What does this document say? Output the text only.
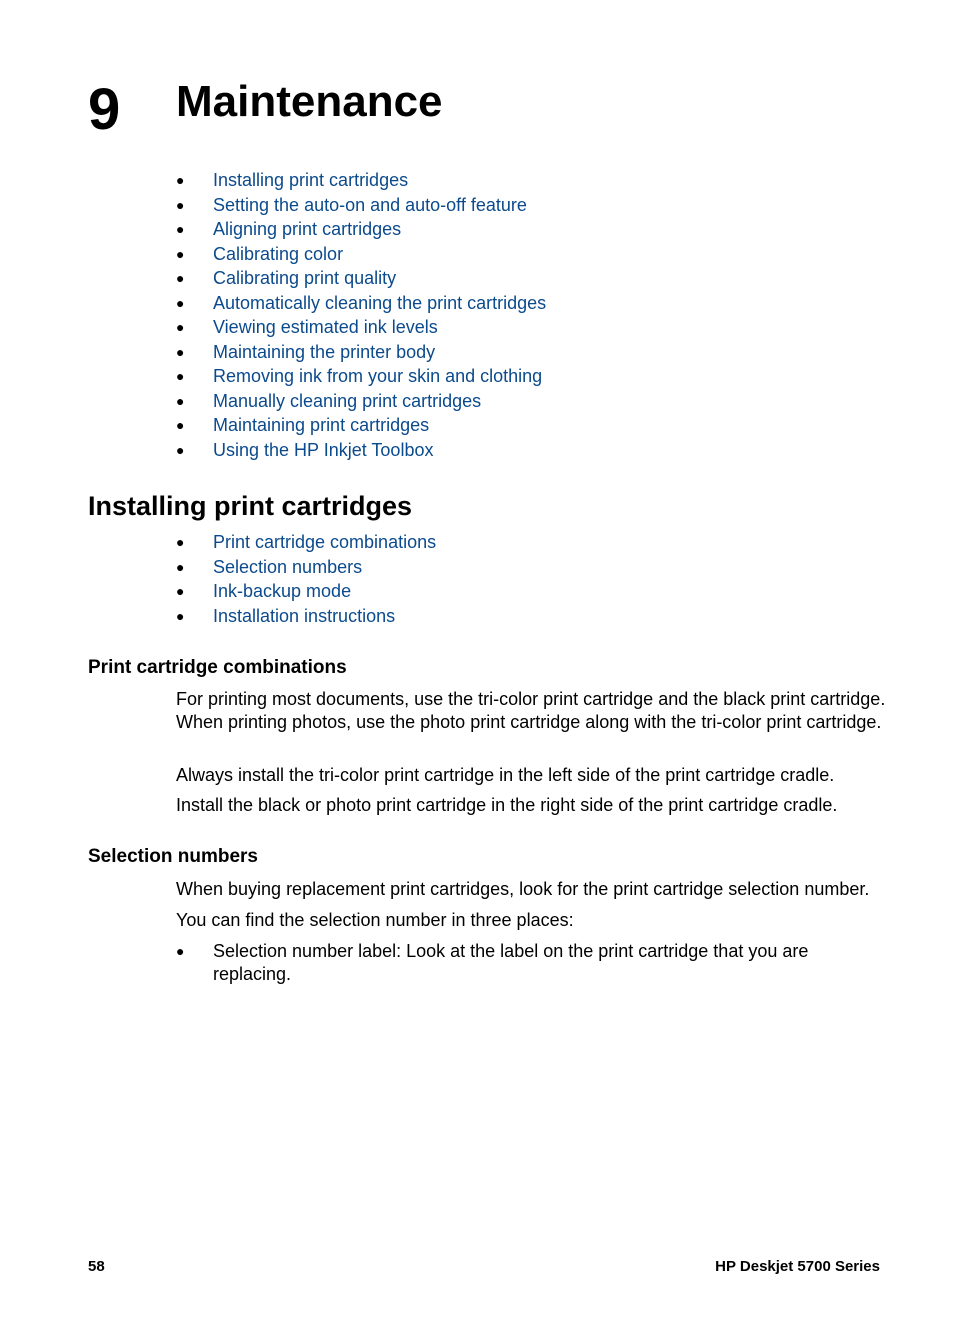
9 Maintenance
● Installing print cartridges
● Setting the auto-on and auto-off feature
● Aligning print cartridges
● Calibrating color
● Calibrating print quality
● Automatically cleaning the print cartridges
● Viewing estimated ink levels
● Maintaining the printer body
● Removing ink from your skin and clothing
● Manually cleaning print cartridges
● Maintaining print cartridges
● Using the HP Inkjet Toolbox
Installing print cartridges
● Print cartridge combinations
● Selection numbers
● Ink-backup mode
● Installation instructions
Print cartridge combinations

For printing most documents, use the tri-color print cartridge and the black print cartridge. When printing photos, use the photo print cartridge along with the tri-color print cartridge.

Always install the tri-color print cartridge in the left side of the print cartridge cradle.

Install the black or photo print cartridge in the right side of the print cartridge cradle.

Selection numbers

When buying replacement print cartridges, look for the print cartridge selection number.

You can find the selection number in three places:

● Selection number label: Look at the label on the print cartridge that you are replacing.
58	HP Deskjet 5700 Series
